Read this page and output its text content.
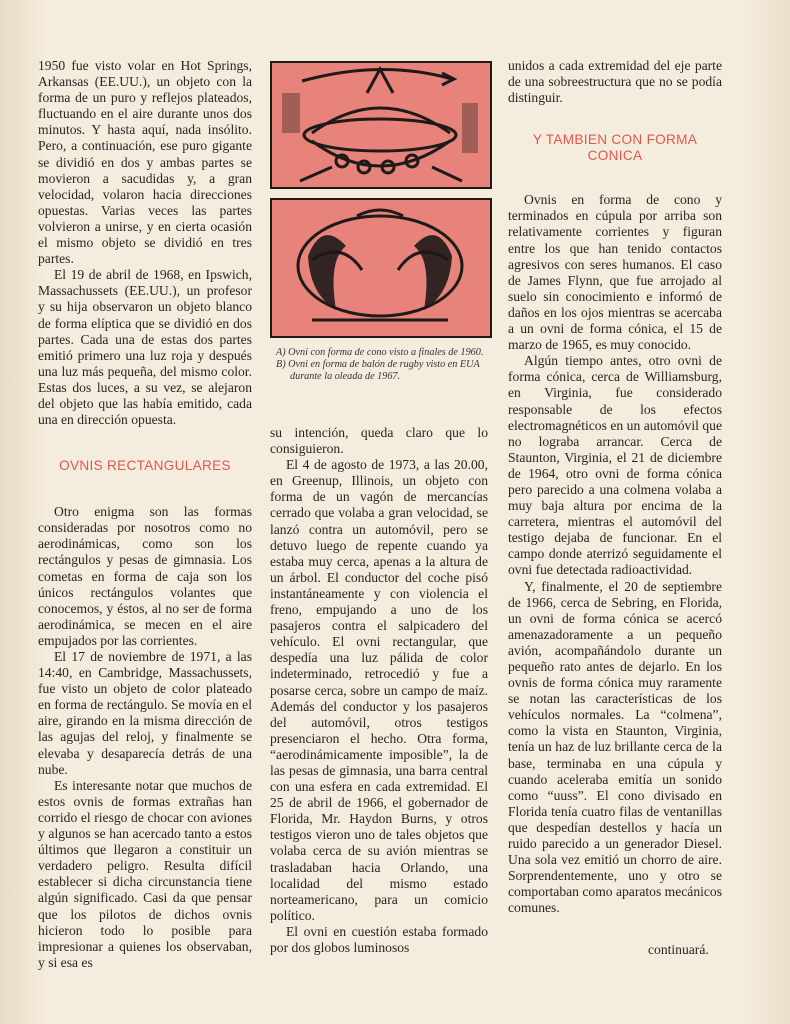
1950 fue visto volar en Hot Springs, Arkansas (EE.UU.), un objeto con la forma de un puro y reflejos plateados, fluctuando en el aire durante unos dos minutos. Y hasta aquí, nada insólito. Pero, a continuación, ese puro gigante se dividió en dos y ambas partes se movieron a sacudidas y, a gran velocidad, volaron hacia direcciones opuestas. Varias veces las partes volvieron a unirse, y en cierta ocasión el mismo objeto se dividió en tres partes.

El 19 de abril de 1968, en Ipswich, Massachussets (EE.UU.), un profesor y su hija observaron un objeto blanco de forma elíptica que se dividió en dos partes. Cada una de estas dos partes emitió primero una luz roja y después una luz más pequeña, del mismo color. Estas dos luces, a su vez, se alejaron del objeto que las había emitido, cada una en dirección opuesta.

OVNIS RECTANGULARES

Otro enigma son las formas consideradas por nosotros como no aerodinámicas, como son los rectángulos y pesas de gimnasia. Los cometas en forma de caja son los únicos rectángulos volantes que conocemos, y éstos, al no ser de forma aerodinámica, se mecen en el aire empujados por las corrientes.

El 17 de noviembre de 1971, a las 14:40, en Cambridge, Massachussets, fue visto un objeto de color plateado en forma de rectángulo. Se movía en el aire, girando en la misma dirección de las agujas del reloj, y finalmente se elevaba y desaparecía detrás de una nube.

Es interesante notar que muchos de estos ovnis de formas extrañas han corrido el riesgo de chocar con aviones y algunos se han acercado tanto a estos últimos que llegaron a constituir un verdadero peligro. Resulta difícil establecer si dicha circunstancia tiene algún significado. Casi da que pensar que los pilotos de dichos ovnis hicieron todo lo posible para impresionar a quienes los observaban, y si esa es

A) Ovni con forma de cono visto a finales de 1960.
B) Ovni en forma de balón de rugby visto en EUA durante la oleada de 1967.

su intención, queda claro que lo consiguieron.

El 4 de agosto de 1973, a las 20.00, en Greenup, Illinois, un objeto con forma de un vagón de mercancías cerrado que volaba a gran velocidad, se lanzó contra un automóvil, pero se detuvo luego de repente cuando ya estaba muy cerca, apenas a la altura de un árbol. El conductor del coche pisó instantáneamente y con violencia el freno, empujando a uno de los pasajeros contra el salpicadero del vehículo. El ovni rectangular, que despedía una luz pálida de color indeterminado, retrocedió y fue a posarse cerca, sobre un campo de maíz. Además del conductor y los pasajeros del automóvil, otros testigos presenciaron el hecho. Otra forma, “aerodinámicamente imposible”, la de las pesas de gimnasia, una barra central con una esfera en cada extremidad. El 25 de abril de 1966, el gobernador de Florida, Mr. Haydon Burns, y otros testigos vieron uno de tales objetos que volaba cerca de su avión mientras se trasladaban hacia Orlando, una localidad del mismo estado norteamericano, para un comicio político.

El ovni en cuestión estaba formado por dos globos luminosos

unidos a cada extremidad del eje parte de una sobreestructura que no se podía distinguir.

Y TAMBIEN CON FORMA CONICA

Ovnis en forma de cono y terminados en cúpula por arriba son relativamente corrientes y figuran entre los que han tenido contactos agresivos con seres humanos. El caso de James Flynn, que fue arrojado al suelo sin conocimiento e informó de daños en los ojos mientras se acercaba a un ovni de forma cónica, el 15 de marzo de 1965, es muy conocido.

Algún tiempo antes, otro ovni de forma cónica, cerca de Williamsburg, en Virginia, fue considerado responsable de los efectos electromagnéticos en un automóvil que no lograba arrancar. Cerca de Staunton, Virginia, el 21 de diciembre de 1964, otro ovni de forma cónica pero parecido a una colmena volaba a muy baja altura por encima de la carretera, mientras el automóvil del testigo dejaba de funcionar. En el campo donde aterrizó seguidamente el ovni fue detectada radioactividad.

Y, finalmente, el 20 de septiembre de 1966, cerca de Sebring, en Florida, un ovni de forma cónica se acercó amenazadoramente a un pequeño avión, acompañándolo durante un pequeño rato antes de dejarlo. En los ovnis de forma cónica muy raramente se notan las características de los vehículos normales. La “colmena”, como la vista en Staunton, Virginia, tenía un haz de luz brillante cerca de la base, terminaba en una cúpula y cuando aceleraba emitía un sonido como “uuss”. El cono divisado en Florida tenía cuatro filas de ventanillas que despedían destellos y hacía un ruido parecido a un generador Diesel. Una sola vez emitió un chorro de aire. Sorprendentemente, uno y otro se comportaban como aparatos mecánicos comunes.

continuará.
